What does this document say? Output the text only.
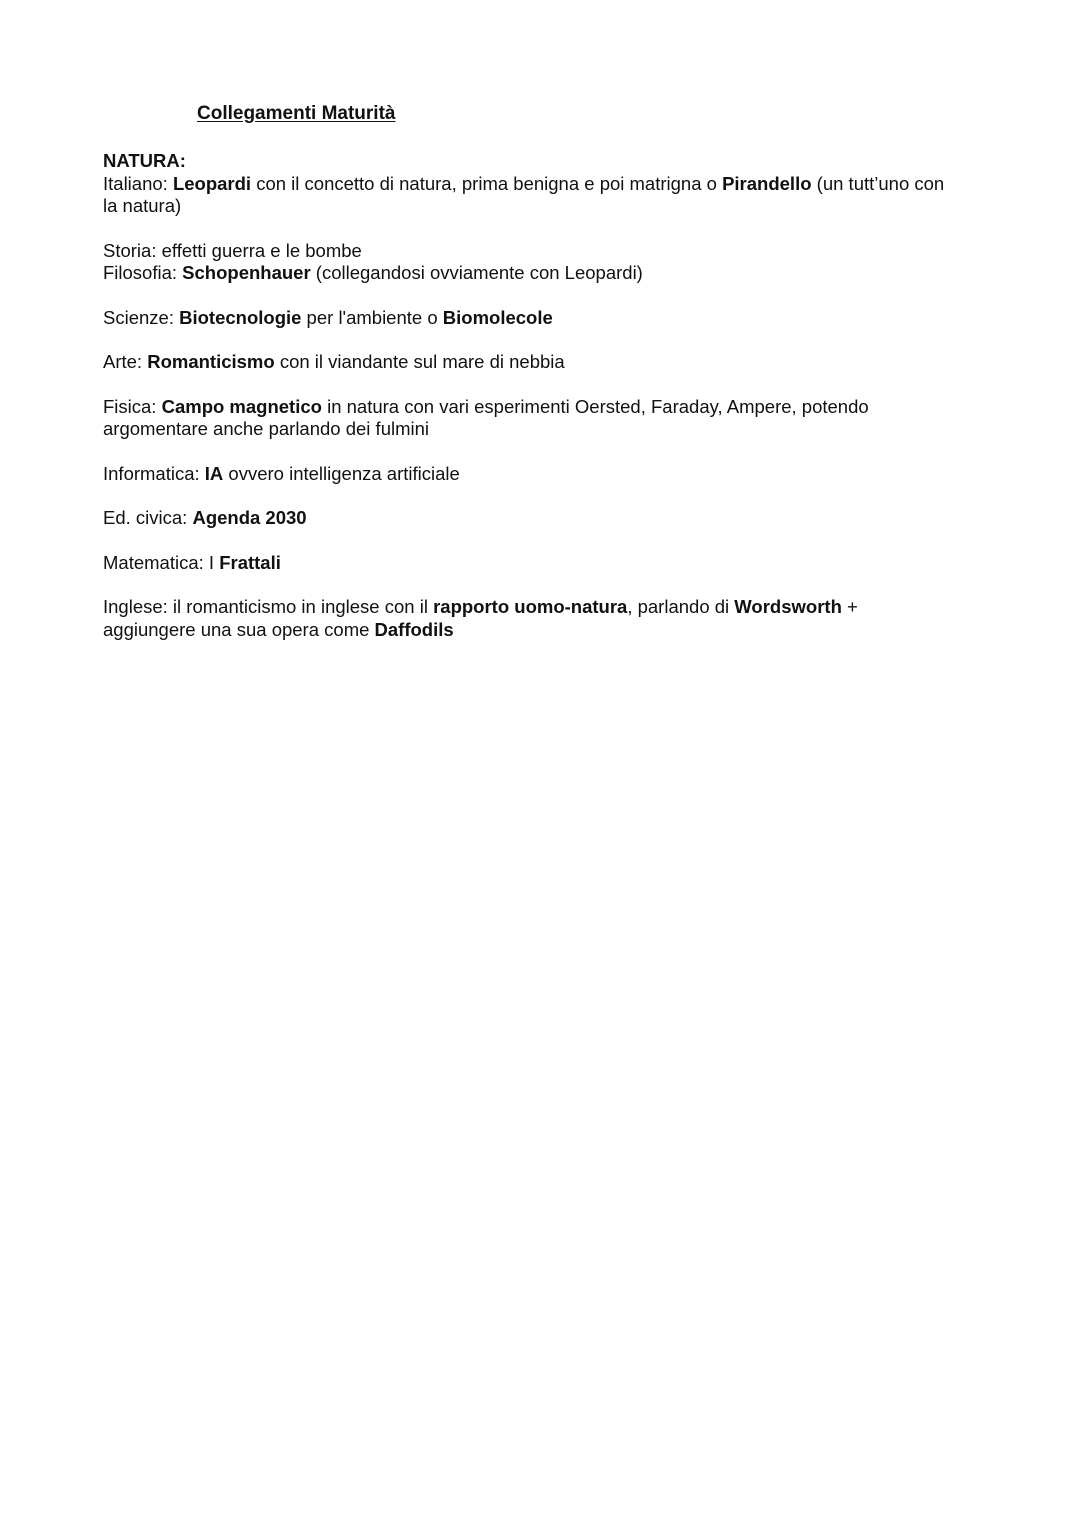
Collegamenti Maturità

NATURA:

Italiano: Leopardi con il concetto di natura, prima benigna e poi matrigna o Pirandello (un tutt’uno con la natura)

Storia: effetti guerra e le bombe

Filosofia: Schopenhauer (collegandosi ovviamente con Leopardi)

Scienze: Biotecnologie per l'ambiente o Biomolecole

Arte: Romanticismo con il viandante sul mare di nebbia

Fisica: Campo magnetico in natura con vari esperimenti Oersted, Faraday, Ampere, potendo argomentare anche parlando dei fulmini

Informatica: IA ovvero intelligenza artificiale

Ed. civica: Agenda 2030

Matematica: I Frattali

Inglese: il romanticismo in inglese con il rapporto uomo-natura, parlando di Wordsworth + aggiungere una sua opera come Daffodils
